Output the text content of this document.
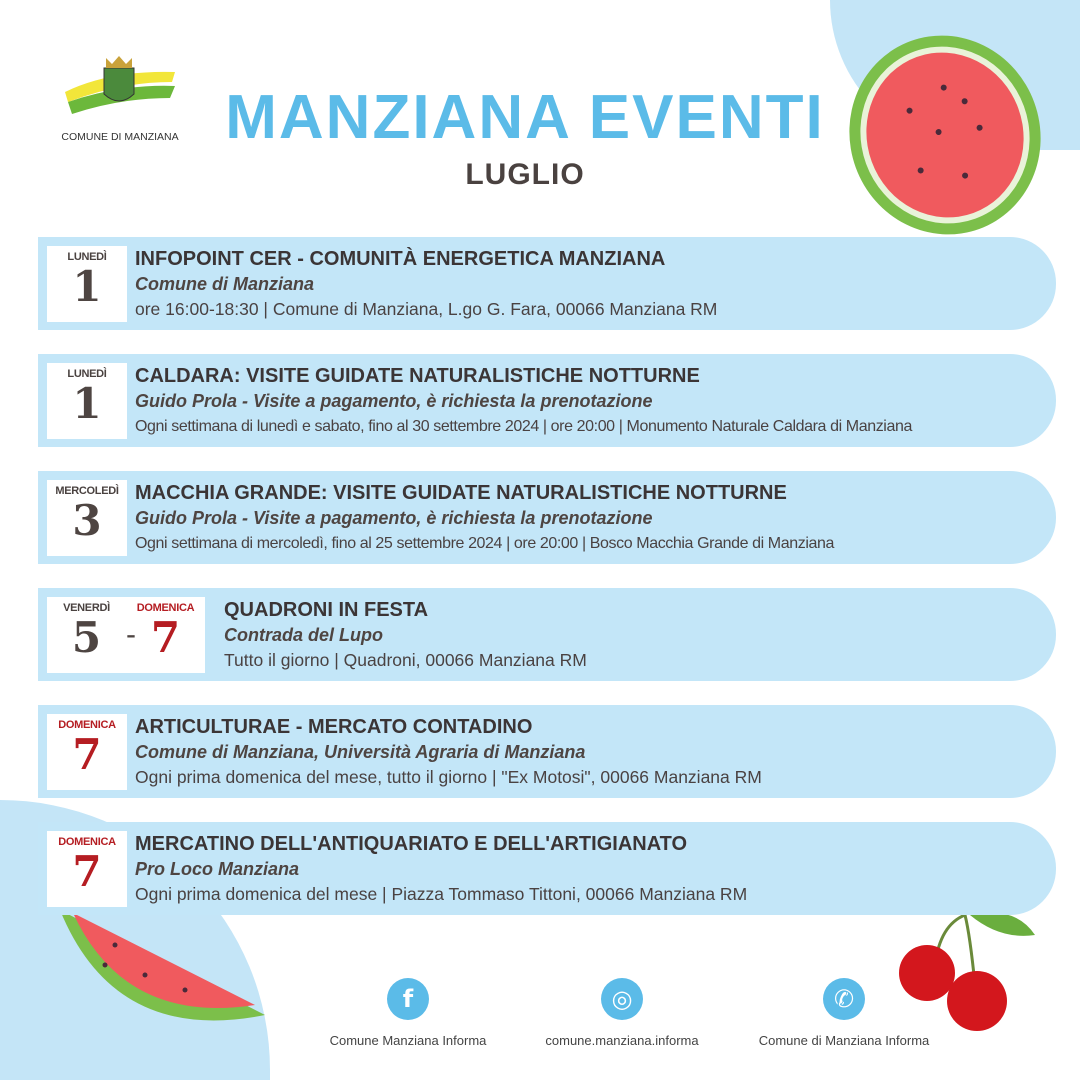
COMUNE DI MANZIANA MANZIANA EVENTI
LUGLIO
LUNEDÌ
1
INFOPOINT CER - COMUNITÀ ENERGETICA MANZIANA
Comune di Manziana
ore 16:00-18:30 | Comune di Manziana, L.go G. Fara, 00066 Manziana RM
LUNEDÌ
1
CALDARA: VISITE GUIDATE NATURALISTICHE NOTTURNE
Guido Prola - Visite a pagamento, è richiesta la prenotazione
Ogni settimana di lunedì e sabato, fino al 30 settembre 2024 | ore 20:00 | Monumento Naturale Caldara di Manziana
MERCOLEDÌ
3
MACCHIA GRANDE: VISITE GUIDATE NATURALISTICHE NOTTURNE
Guido Prola - Visite a pagamento, è richiesta la prenotazione
Ogni settimana di mercoledì, fino al 25 settembre 2024 | ore 20:00 | Bosco Macchia Grande di Manziana
VENERDÌ
5 -
DOMENICA
7
QUADRONI IN FESTA
Contrada del Lupo
Tutto il giorno | Quadroni, 00066 Manziana RM
DOMENICA
7
ARTICULTURAE - MERCATO CONTADINO
Comune di Manziana, Università Agraria di Manziana
Ogni prima domenica del mese, tutto il giorno | "Ex Motosi", 00066 Manziana RM
DOMENICA
7
MERCATINO DELL'ANTIQUARIATO E DELL'ARTIGIANATO
Pro Loco Manziana
Ogni prima domenica del mese | Piazza Tommaso Tittoni, 00066 Manziana RM
f
Comune Manziana Informa
◎
comune.manziana.informa
✆
Comune di Manziana Informa
